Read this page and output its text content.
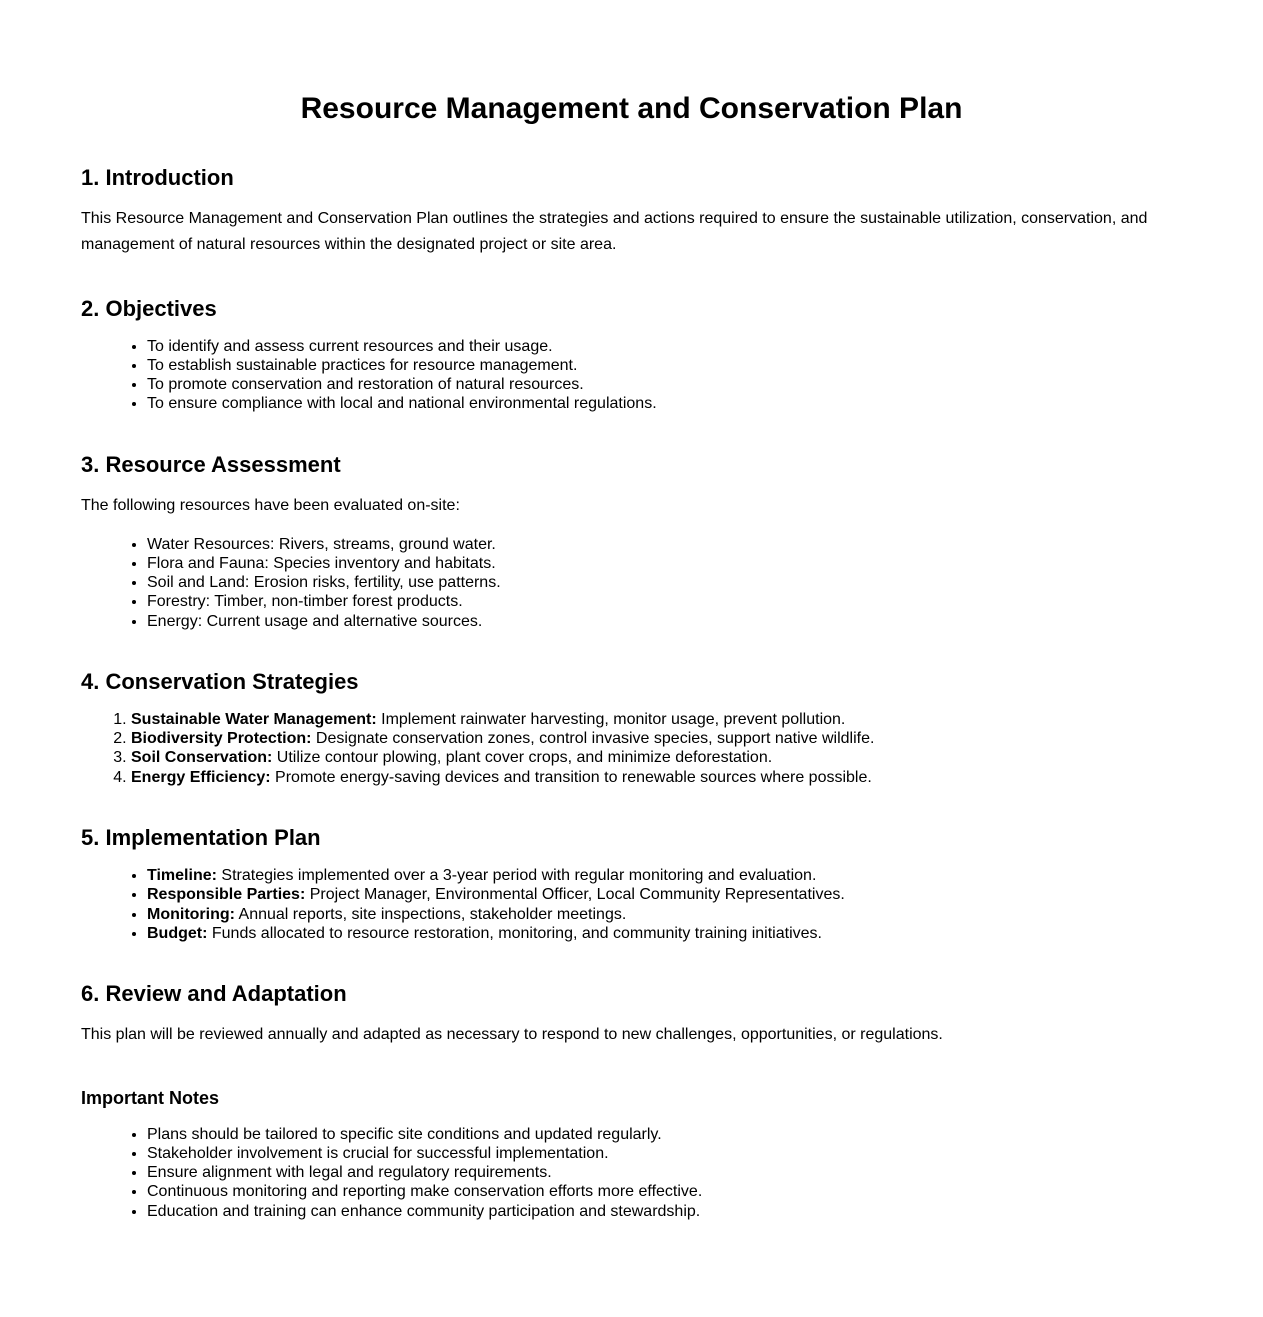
Resource Management and Conservation Plan
1. Introduction

This Resource Management and Conservation Plan outlines the strategies and actions required to ensure the sustainable utilization, conservation, and management of natural resources within the designated project or site area.

2. Objectives
• To identify and assess current resources and their usage.
• To establish sustainable practices for resource management.
• To promote conservation and restoration of natural resources.
• To ensure compliance with local and national environmental regulations.
3. Resource Assessment

The following resources have been evaluated on-site:

• Water Resources: Rivers, streams, ground water.
• Flora and Fauna: Species inventory and habitats.
• Soil and Land: Erosion risks, fertility, use patterns.
• Forestry: Timber, non-timber forest products.
• Energy: Current usage and alternative sources.
4. Conservation Strategies
1. Sustainable Water Management: Implement rainwater harvesting, monitor usage, prevent pollution.
2. Biodiversity Protection: Designate conservation zones, control invasive species, support native wildlife.
3. Soil Conservation: Utilize contour plowing, plant cover crops, and minimize deforestation.
4. Energy Efficiency: Promote energy-saving devices and transition to renewable sources where possible.
5. Implementation Plan
• Timeline: Strategies implemented over a 3-year period with regular monitoring and evaluation.
• Responsible Parties: Project Manager, Environmental Officer, Local Community Representatives.
• Monitoring: Annual reports, site inspections, stakeholder meetings.
• Budget: Funds allocated to resource restoration, monitoring, and community training initiatives.
6. Review and Adaptation

This plan will be reviewed annually and adapted as necessary to respond to new challenges, opportunities, or regulations.

Important Notes
• Plans should be tailored to specific site conditions and updated regularly.
• Stakeholder involvement is crucial for successful implementation.
• Ensure alignment with legal and regulatory requirements.
• Continuous monitoring and reporting make conservation efforts more effective.
• Education and training can enhance community participation and stewardship.
